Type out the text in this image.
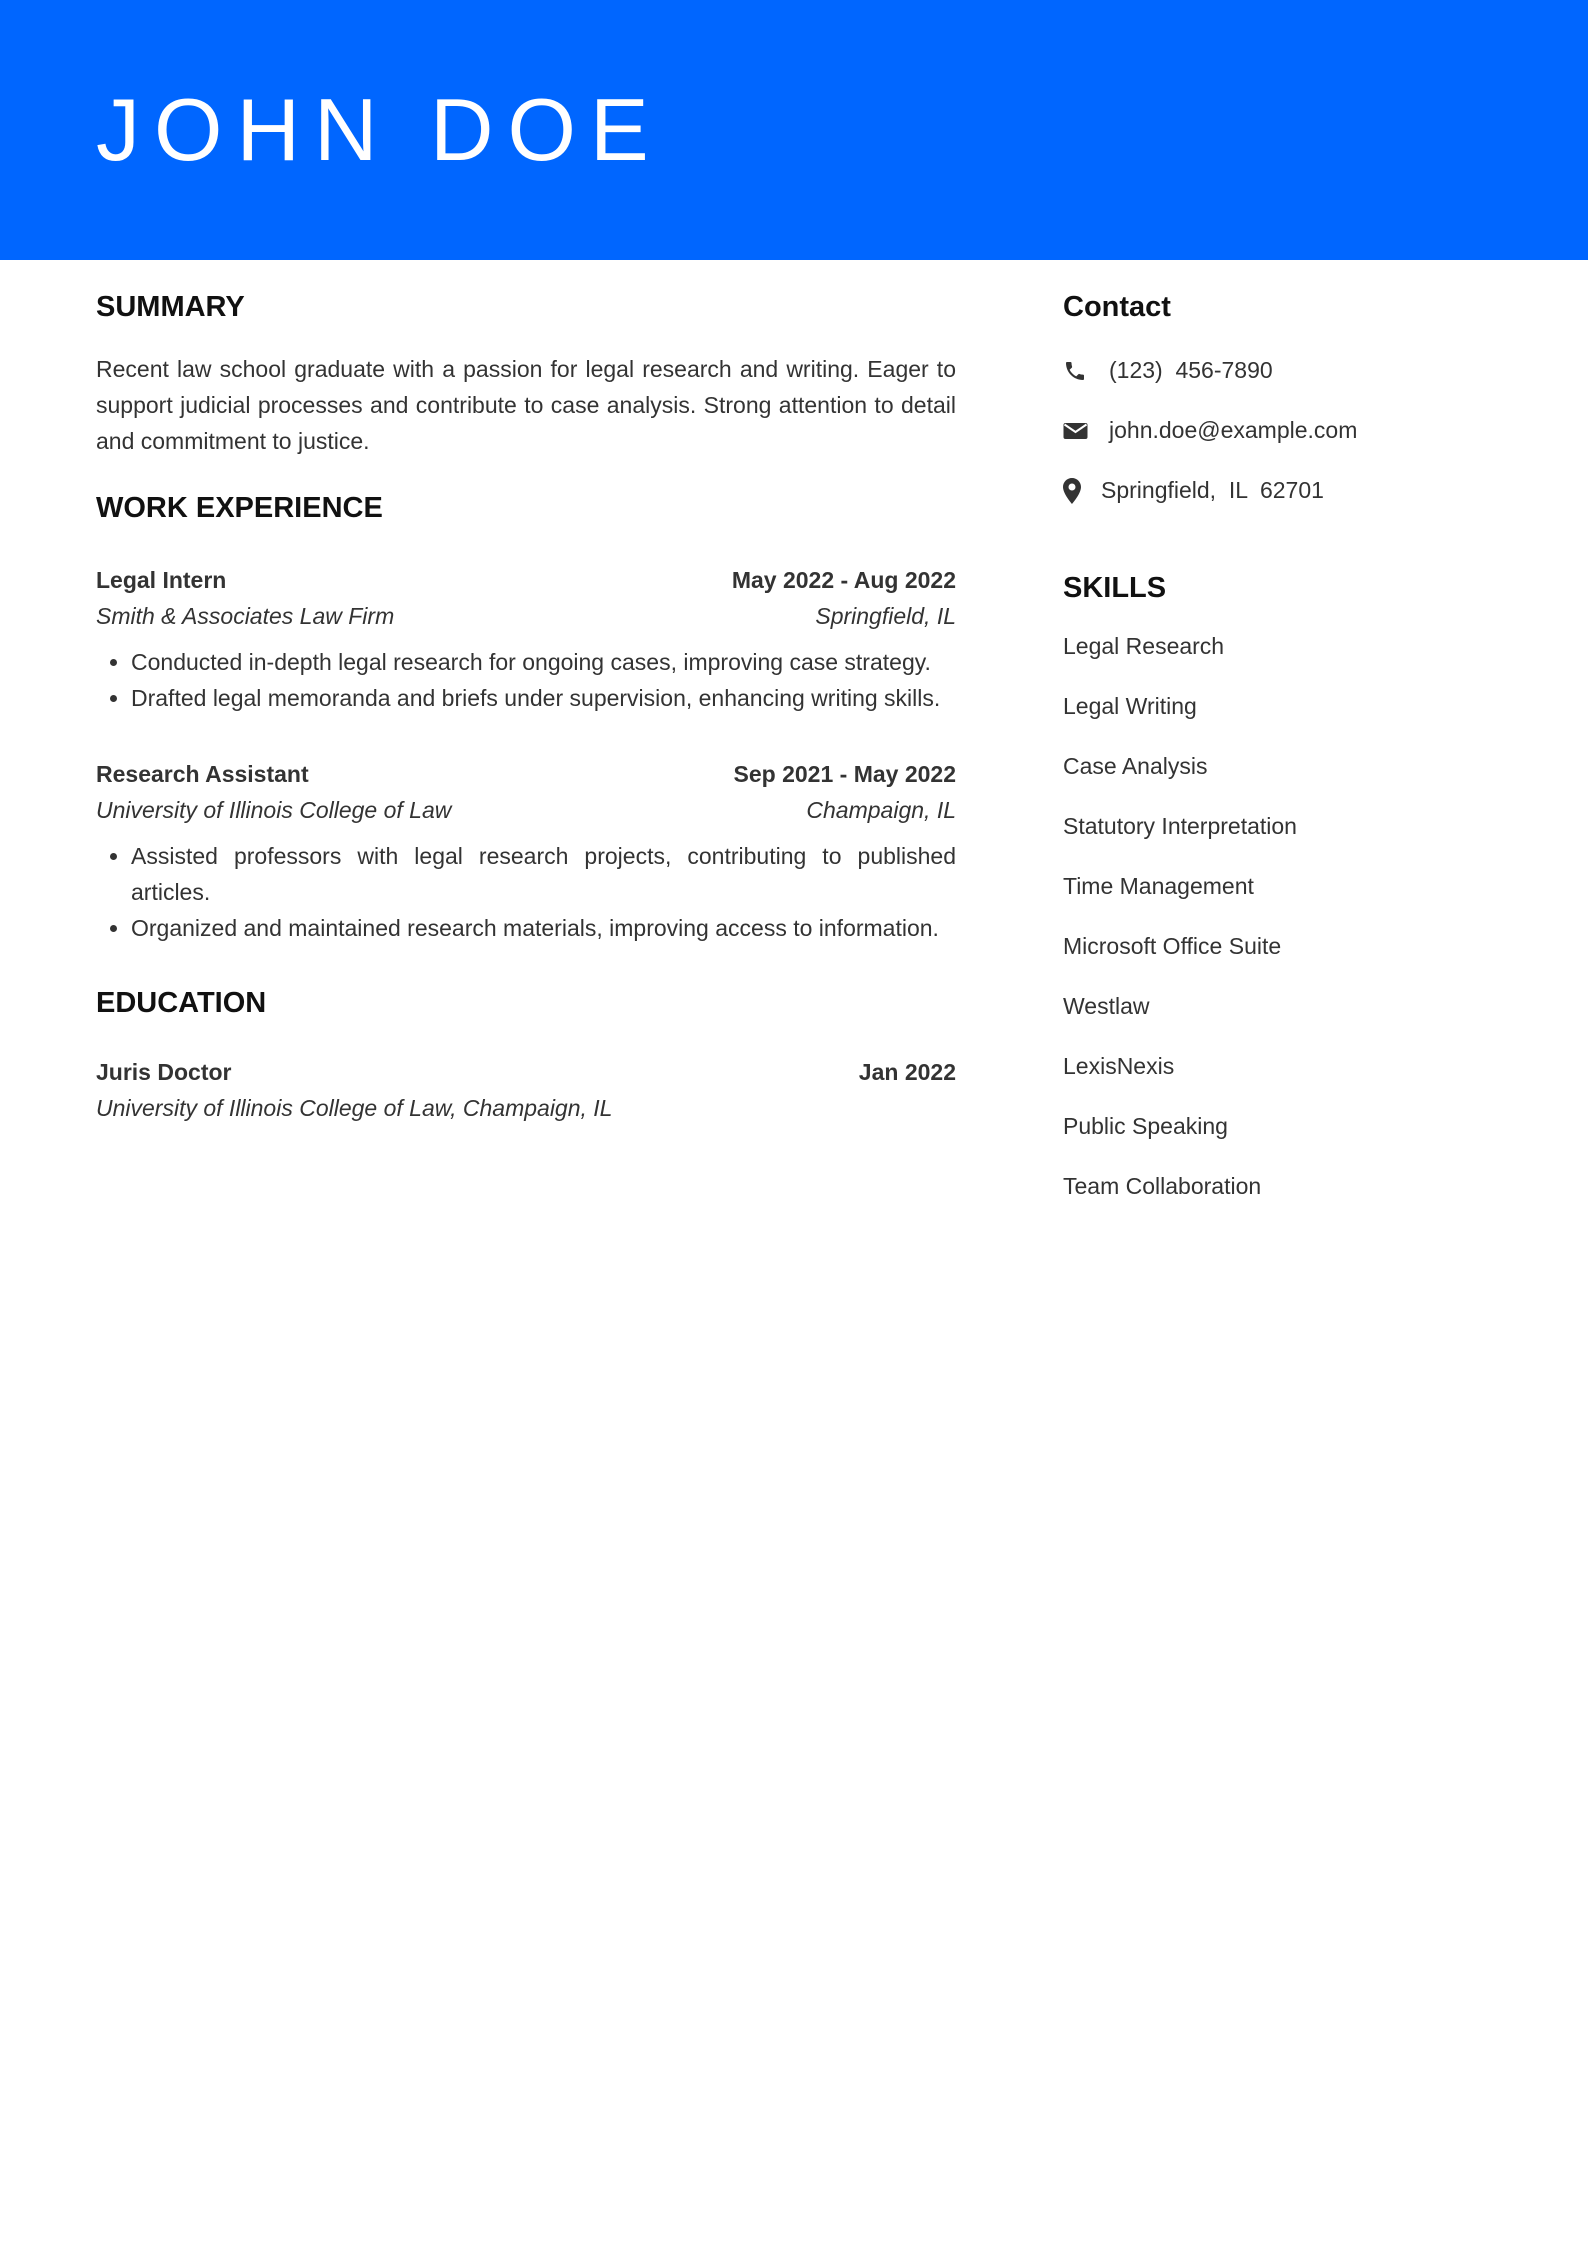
JOHN DOE
SUMMARY

Recent law school graduate with a passion for legal research and writing. Eager to support judicial processes and contribute to case analysis. Strong attention to detail and commitment to justice.

WORK EXPERIENCE
Legal Intern	May 2022 - Aug 2022
Smith & Associates Law Firm	Springfield, IL
• Conducted in-depth legal research for ongoing cases, improving case strategy.
• Drafted legal memoranda and briefs under supervision, enhancing writing skills.
Research Assistant	Sep 2021 - May 2022
University of Illinois College of Law	Champaign, IL
• Assisted professors with legal research projects, contributing to published articles.
• Organized and maintained research materials, improving access to information.
EDUCATION
Juris Doctor	Jan 2022
University of Illinois College of Law, Champaign, IL
Contact
(123)  456-7890
john.doe@example.com
Springfield,  IL  62701
SKILLS
Legal Research
Legal Writing
Case Analysis
Statutory Interpretation
Time Management
Microsoft Office Suite
Westlaw
LexisNexis
Public Speaking
Team Collaboration
